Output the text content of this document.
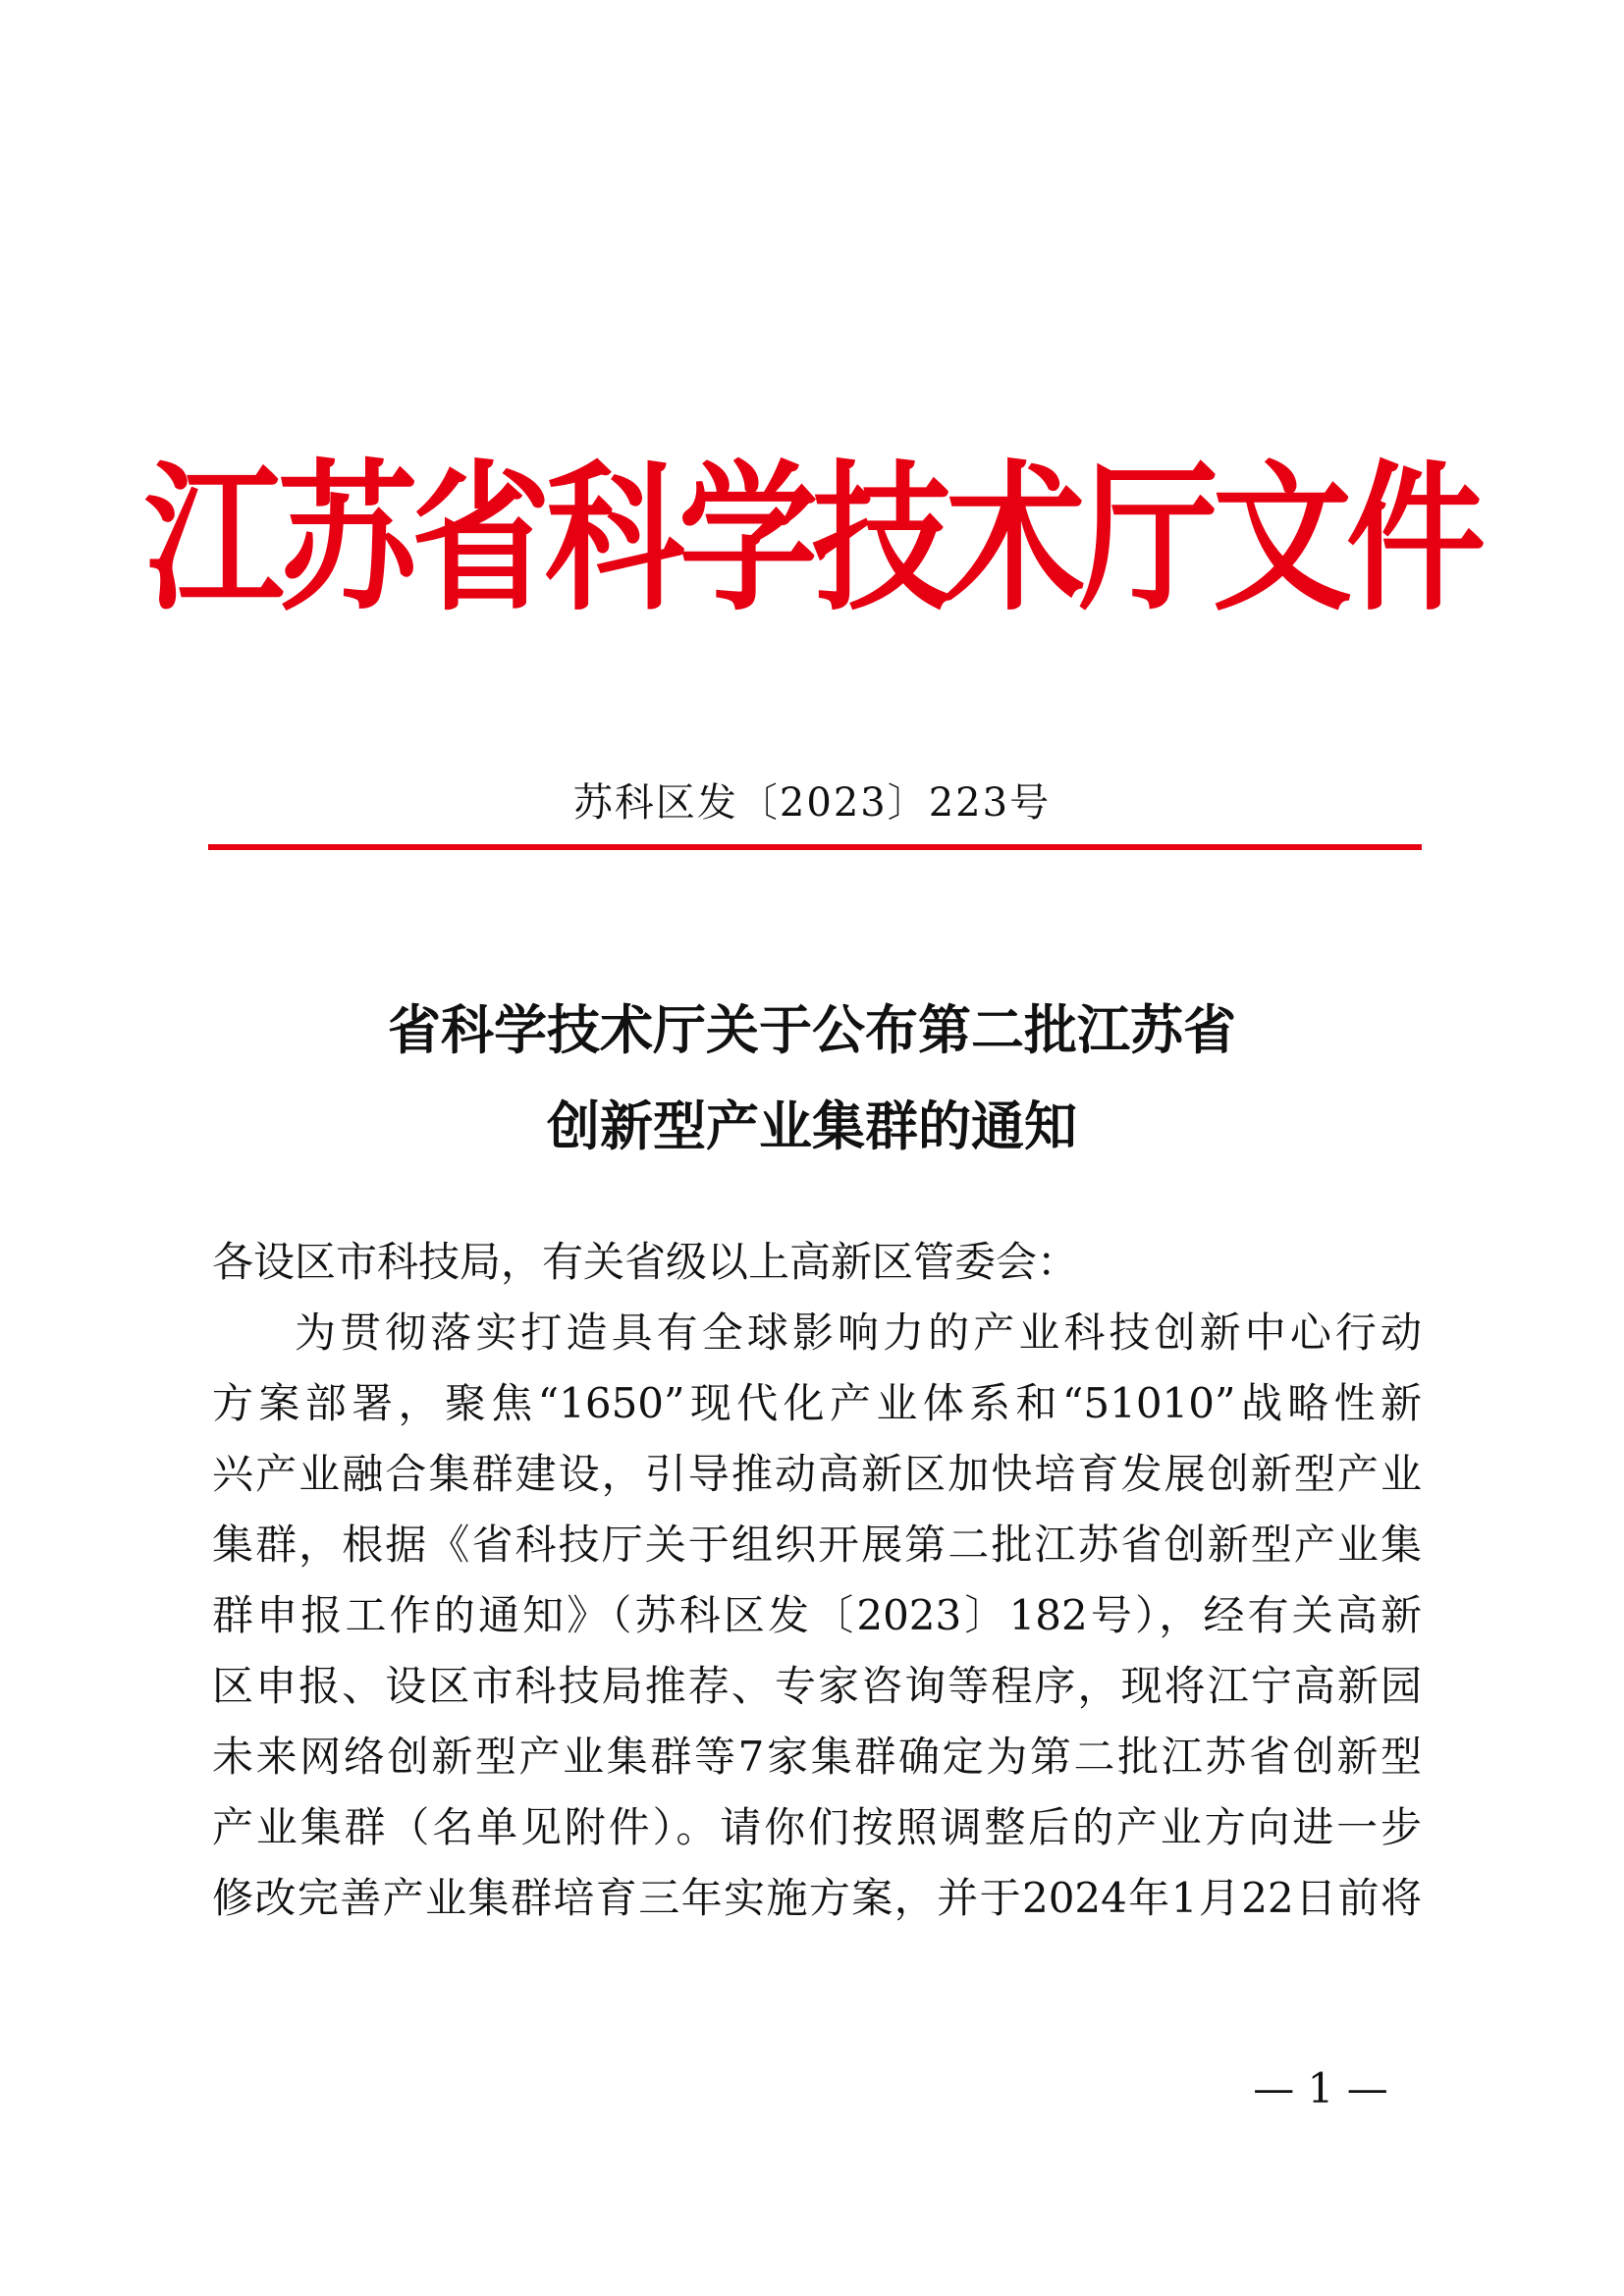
江苏省科学技术厅文件
苏科区发〔2023〕223号
省科学技术厅关于公布第二批江苏省
创新型产业集群的通知
各设区市科技局，有关省级以上高新区管委会：
为贯彻落实打造具有全球影响力的产业科技创新中心行动
方案部署，聚焦“1650”现代化产业体系和“51010”战略性新
兴产业融合集群建设，引导推动高新区加快培育发展创新型产业
集群，根据《省科技厅关于组织开展第二批江苏省创新型产业集
群申报工作的通知》（苏科区发〔2023〕182号），经有关高新
区申报、设区市科技局推荐、专家咨询等程序，现将江宁高新园
未来网络创新型产业集群等7家集群确定为第二批江苏省创新型
产业集群（名单见附件）。请你们按照调整后的产业方向进一步
修改完善产业集群培育三年实施方案，并于2024年1月22日前将
— 1 —
